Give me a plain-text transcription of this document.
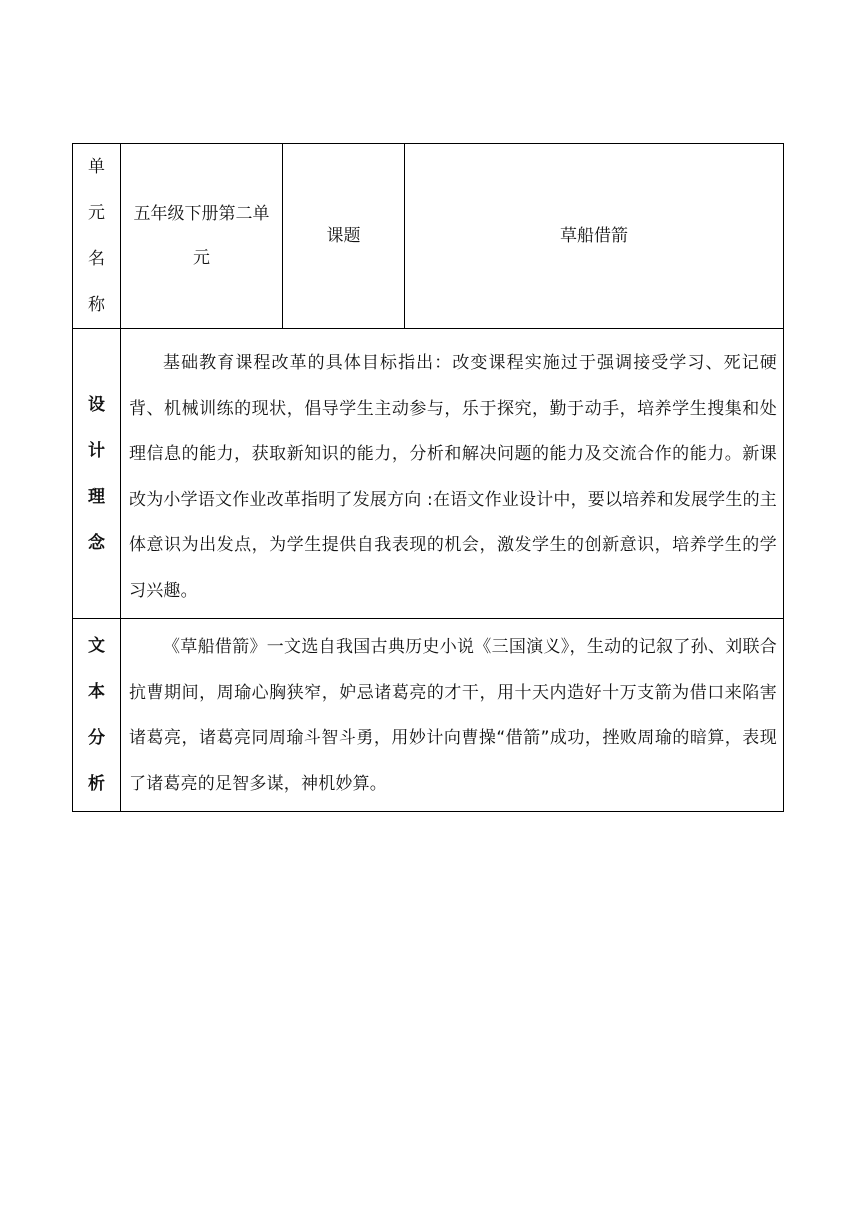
单
元
名
称	五年级下册第二单元	课题	草船借箭

设
计
理
念	基础教育课程改革的具体目标指出：改变课程实施过于强调接受学习、死记硬背、机械训练的现状，倡导学生主动参与，乐于探究，勤于动手，培养学生搜集和处理信息的能力，获取新知识的能力，分析和解决问题的能力及交流合作的能力。新课改为小学语文作业改革指明了发展方向 :在语文作业设计中，要以培养和发展学生的主体意识为出发点，为学生提供自我表现的机会，激发学生的创新意识，培养学生的学习兴趣。		

文
本
分
析	《草船借箭》一文选自我国古典历史小说《三国演义》，生动的记叙了孙、刘联合抗曹期间，周瑜心胸狭窄，妒忌诸葛亮的才干，用十天内造好十万支箭为借口来陷害诸葛亮，诸葛亮同周瑜斗智斗勇，用妙计向曹操“借箭”成功，挫败周瑜的暗算，表现了诸葛亮的足智多谋，神机妙算。		
